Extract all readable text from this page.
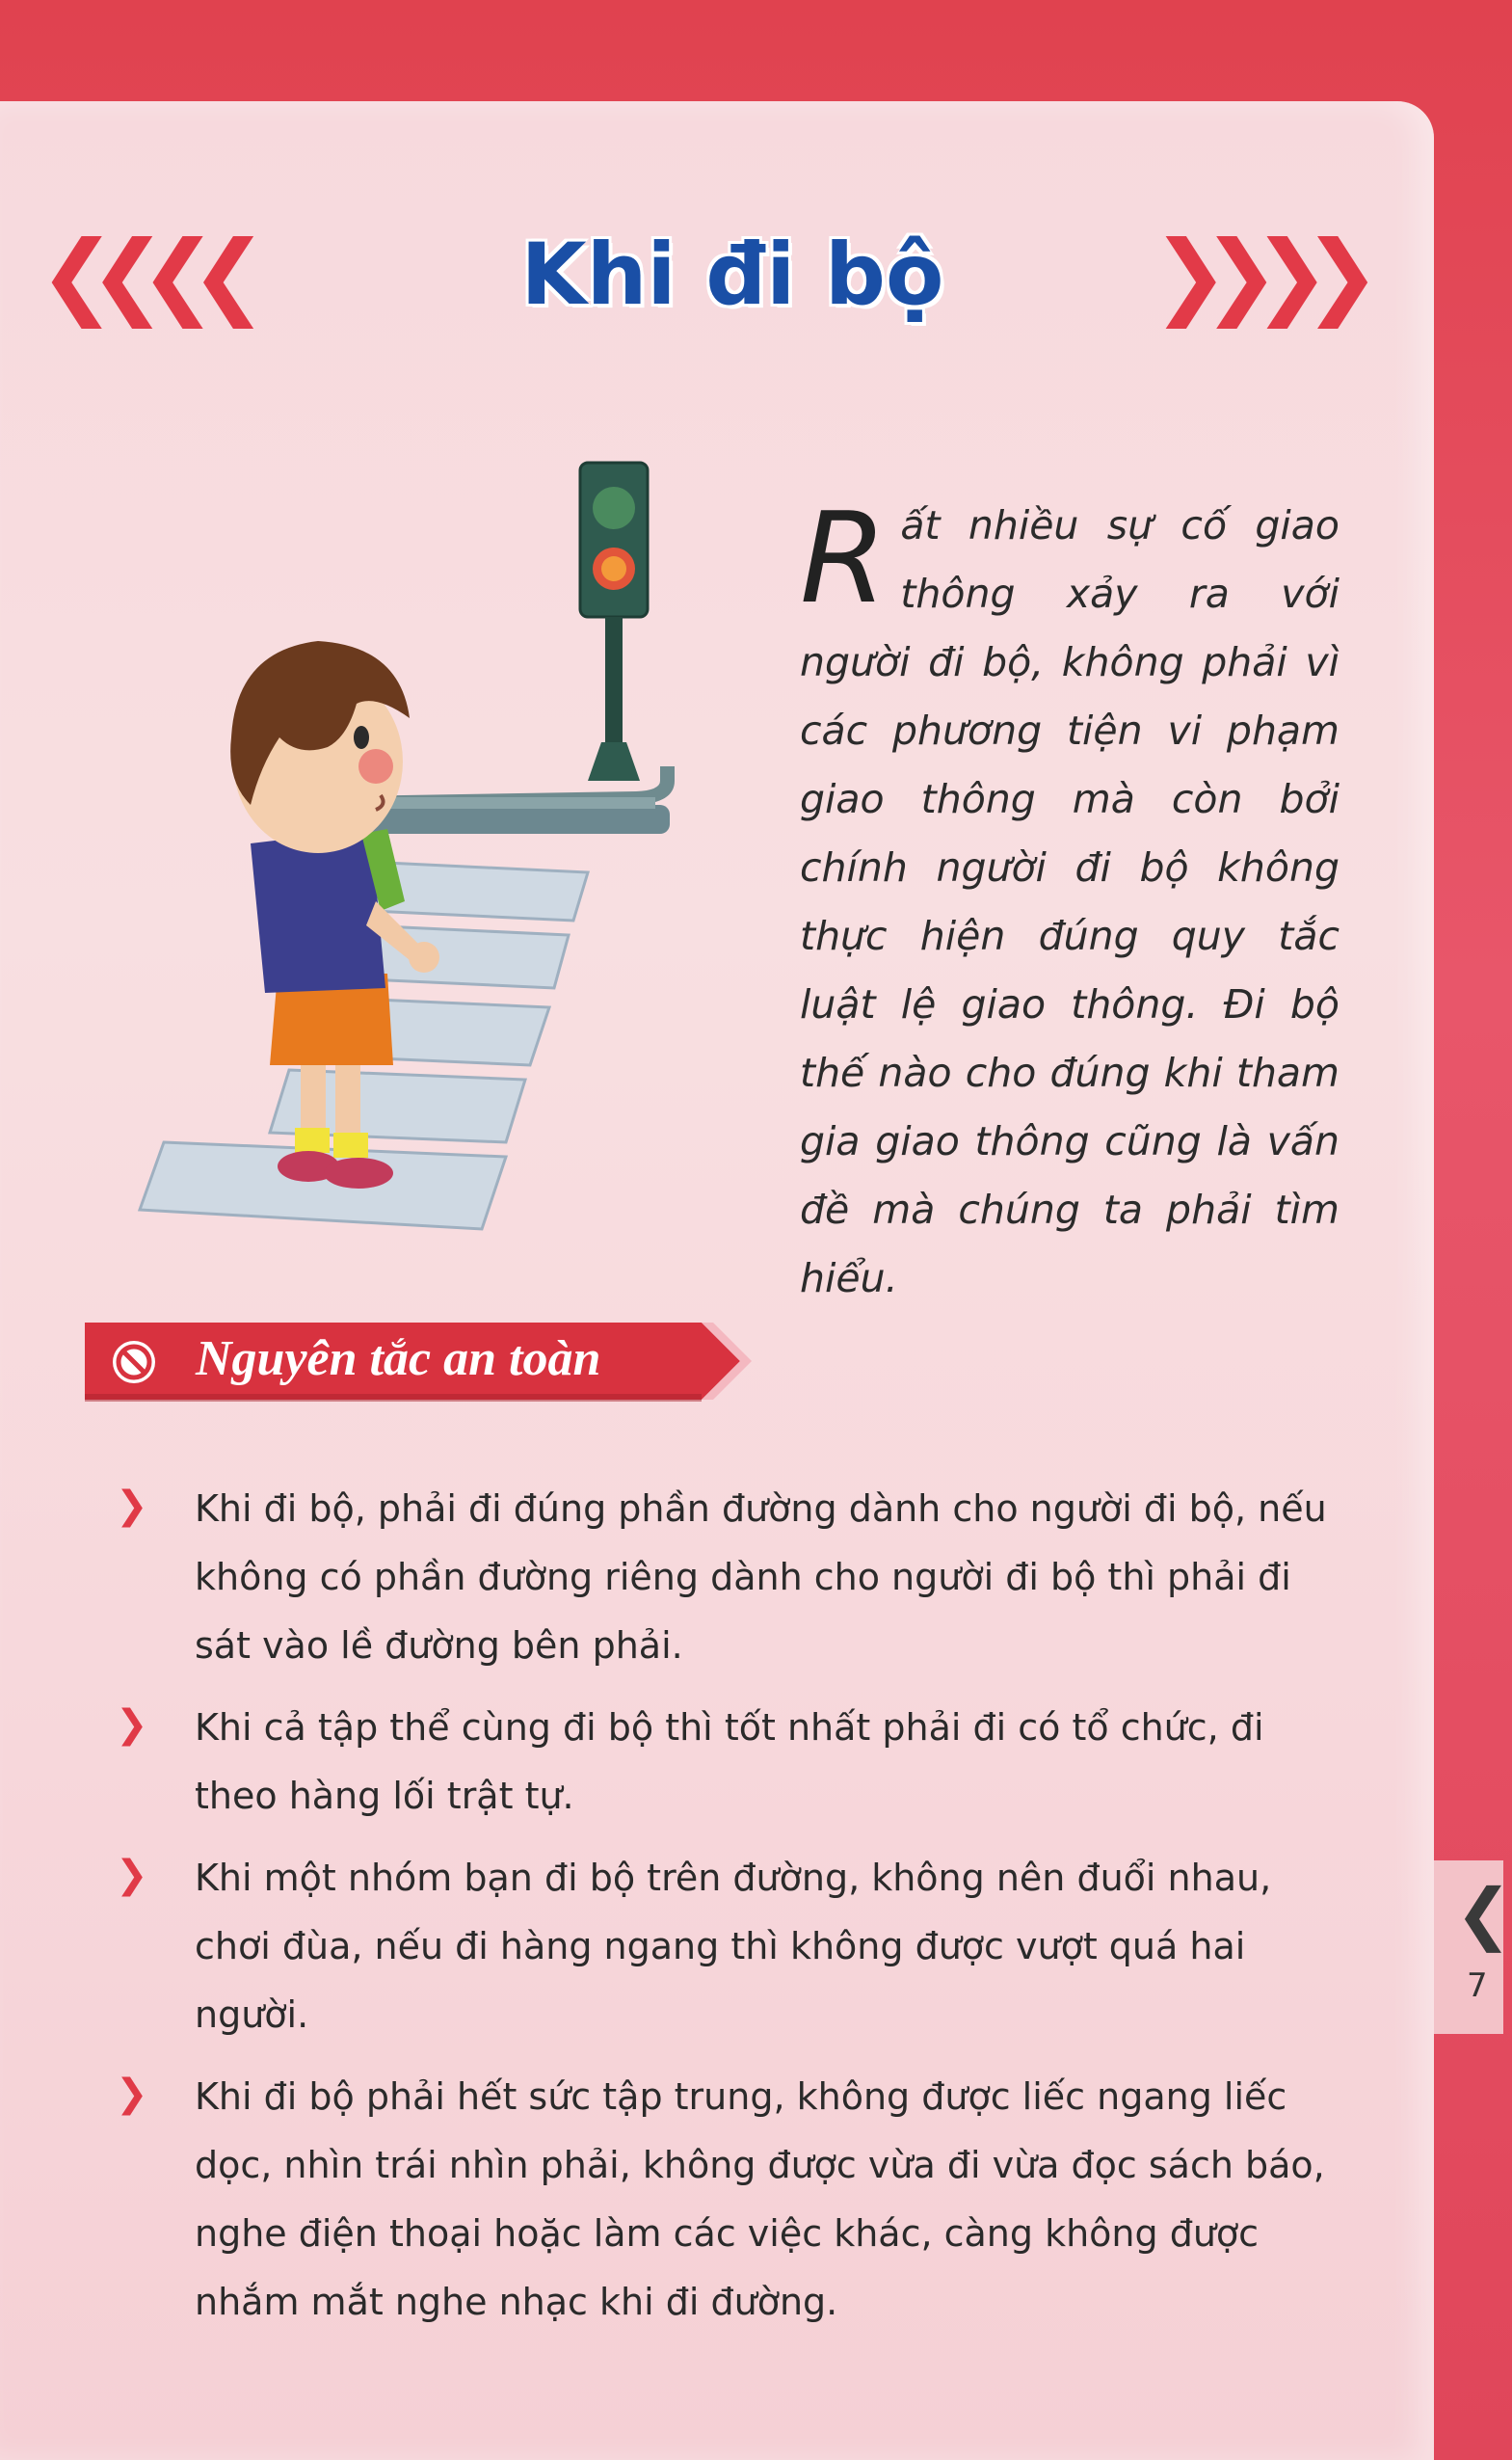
❮
7
❮❮❮❮	Khi đi bộ ❯❯❯❯
R ất nhiều sự cố giao thông xảy ra với người đi bộ, không phải vì các phương tiện vi phạm giao thông mà còn bởi chính người đi bộ không thực hiện đúng quy tắc luật lệ giao thông. Đi bộ thế nào cho đúng khi tham gia giao thông cũng là vấn đề mà chúng ta phải tìm hiểu.
Nguyên tắc an toàn
❯ Khi đi bộ, phải đi đúng phần đường dành cho người đi bộ, nếu không có phần đường riêng dành cho người đi bộ thì phải đi sát vào lề đường bên phải.
❯ Khi cả tập thể cùng đi bộ thì tốt nhất phải đi có tổ chức, đi theo hàng lối trật tự.
❯ Khi một nhóm bạn đi bộ trên đường, không nên đuổi nhau, chơi đùa, nếu đi hàng ngang thì không được vượt quá hai người.
❯ Khi đi bộ phải hết sức tập trung, không được liếc ngang liếc dọc, nhìn trái nhìn phải, không được vừa đi vừa đọc sách báo, nghe điện thoại hoặc làm các việc khác, càng không được nhắm mắt nghe nhạc khi đi đường.
